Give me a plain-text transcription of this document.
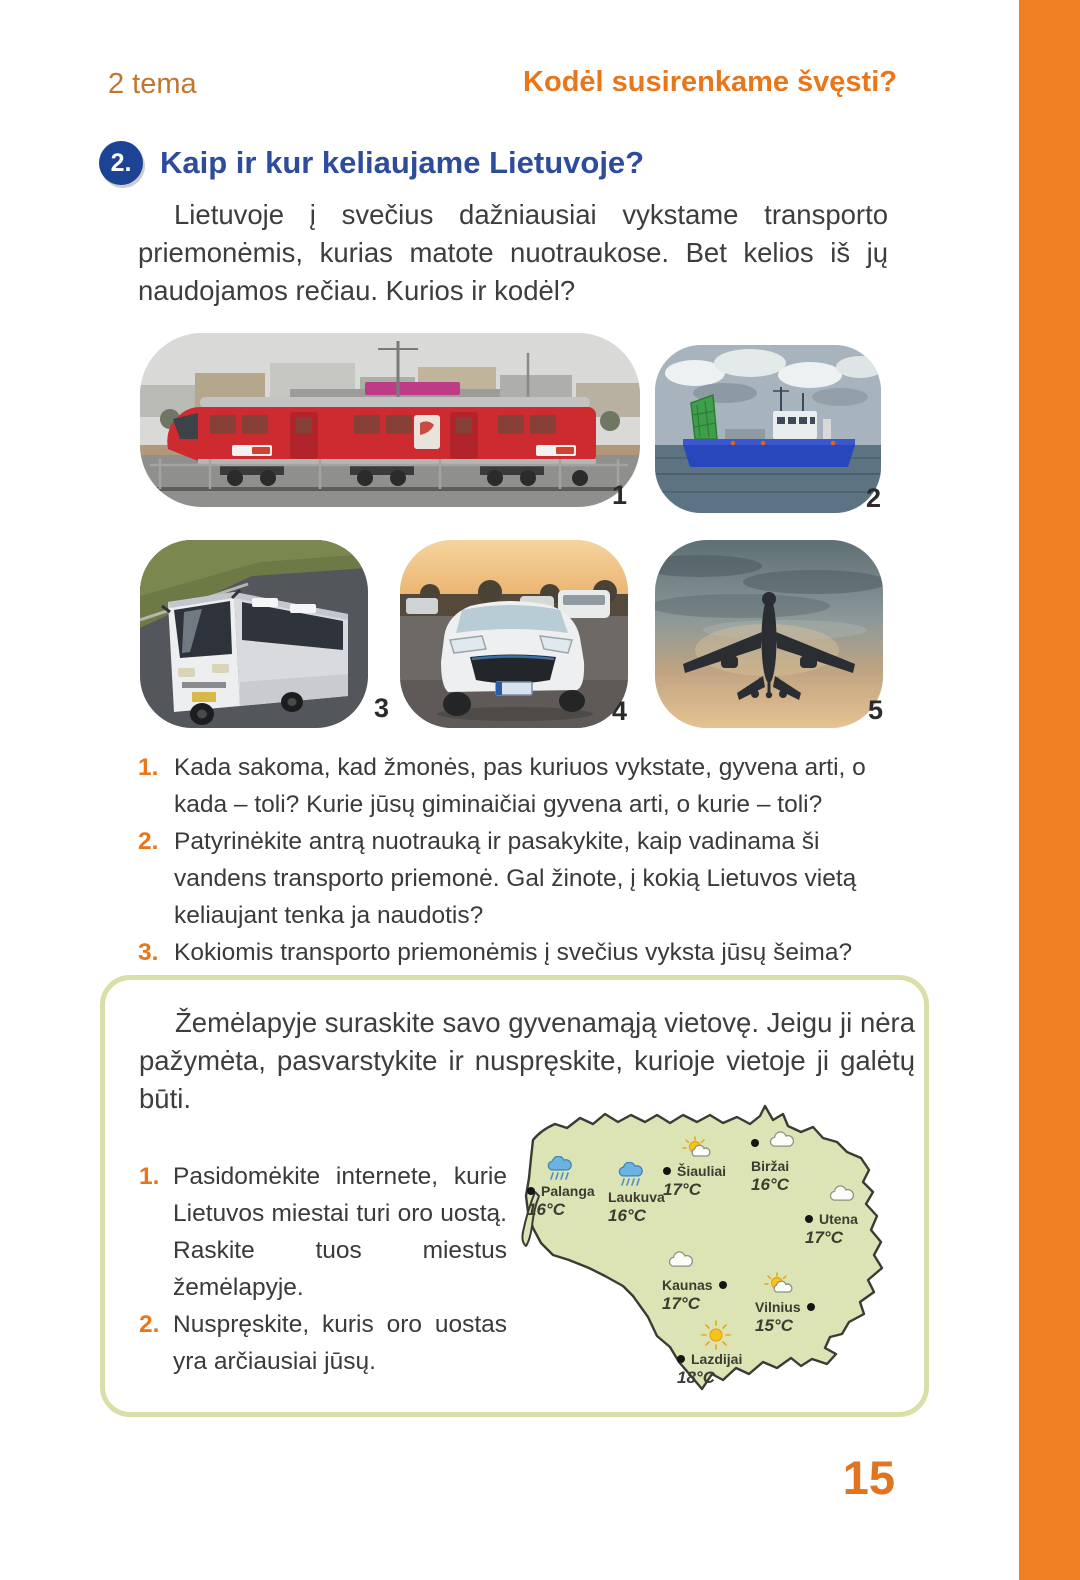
2 tema	Kodėl susirenkame švęsti?
2. Kaip ir kur keliaujame Lietuvoje?

Lietuvoje į svečius dažniausiai vykstame transporto priemonėmis, kurias matote nuotraukose. Bet kelios iš jų naudojamos rečiau. Kurios ir kodėl?

1	2
3	4	5
1. Kada sakoma, kad žmonės, pas kuriuos vykstate, gyvena arti, o kada – toli? Kurie jūsų giminaičiai gyvena arti, o kurie – toli?
2. Patyrinėkite antrą nuotrauką ir pasakykite, kaip vadinama ši vandens transporto priemonė. Gal žinote, į kokią Lietuvos vietą keliaujant tenka ja naudotis?
3. Kokiomis transporto priemonėmis į svečius vyksta jūsų šeima?

Žemėlapyje suraskite savo gyvenamąją vietovę. Jeigu ji nėra pažymėta, pasvarstykite ir nuspręskite, kurioje vietoje ji galėtų būti.

1. Pasidomėkite internete, kurie Lietuvos miestai turi oro uostą. Raskite tuos miestus žemėlapyje.
2. Nuspręskite, kuris oro uostas yra arčiausiai jūsų.
Palanga
16°C
Laukuva
16°C
Šiauliai
17°C
Biržai
16°C
Utena
17°C
Kaunas
17°C	Vilnius
15°C
Lazdijai
18°C
15
